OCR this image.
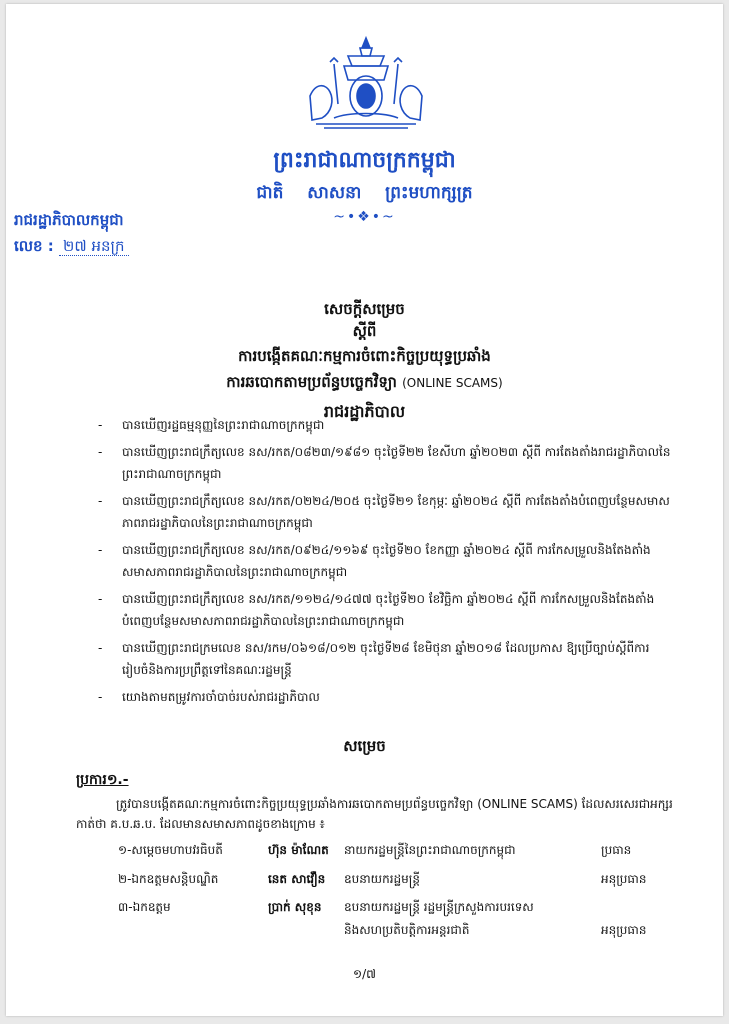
ព្រះរាជាណាចក្រកម្ពុជា
ជាតិ សាសនា ព្រះមហាក្សត្រ
~•❖•~
រាជរដ្ឋាភិបាលកម្ពុជា
លេខ : ២៧ អនក្រ
សេចក្តីសម្រេច
ស្តីពី
ការបង្កើតគណៈកម្មការចំពោះកិច្ចប្រយុទ្ធប្រឆាំង
ការឆបោកតាមប្រព័ន្ធបច្ចេកវិទ្យា (ONLINE SCAMS)
រាជរដ្ឋាភិបាល
- បានឃើញរដ្ឋធម្មនុញ្ញនៃព្រះរាជាណាចក្រកម្ពុជា
- បានឃើញព្រះរាជក្រឹត្យលេខ នស/រកត/០៨២៣/១៩៨១ ចុះថ្ងៃទី២២ ខែសីហា ឆ្នាំ២០២៣ ស្តីពី ការតែងតាំងរាជរដ្ឋាភិបាលនៃព្រះរាជាណាចក្រកម្ពុជា
- បានឃើញព្រះរាជក្រឹត្យលេខ នស/រកត/០២២៤/២០៥ ចុះថ្ងៃទី២១ ខែកុម្ភៈ ឆ្នាំ២០២៤ ស្តីពី ការតែងតាំងបំពេញបន្ថែមសមាសភាពរាជរដ្ឋាភិបាលនៃព្រះរាជាណាចក្រកម្ពុជា
- បានឃើញព្រះរាជក្រឹត្យលេខ នស/រកត/០៩២៤/១១៦៩ ចុះថ្ងៃទី២០ ខែកញ្ញា ឆ្នាំ២០២៤ ស្តីពី ការកែសម្រួលនិងតែងតាំងសមាសភាពរាជរដ្ឋាភិបាលនៃព្រះរាជាណាចក្រកម្ពុជា
- បានឃើញព្រះរាជក្រឹត្យលេខ នស/រកត/១១២៤/១៤៧៧ ចុះថ្ងៃទី២០ ខែវិច្ឆិកា ឆ្នាំ២០២៤ ស្តីពី ការកែសម្រួលនិងតែងតាំងបំពេញបន្ថែមសមាសភាពរាជរដ្ឋាភិបាលនៃព្រះរាជាណាចក្រកម្ពុជា
- បានឃើញព្រះរាជក្រមលេខ នស/រកម/០៦១៨/០១២ ចុះថ្ងៃទី២៨ ខែមិថុនា ឆ្នាំ២០១៨ ដែលប្រកាស ឱ្យប្រើច្បាប់ស្តីពីការរៀបចំនិងការប្រព្រឹត្តទៅនៃគណៈរដ្ឋមន្ត្រី
- យោងតាមតម្រូវការចាំបាច់របស់រាជរដ្ឋាភិបាល
សម្រេច
ប្រការ១.-
ត្រូវបានបង្កើតគណៈកម្មការចំពោះកិច្ចប្រយុទ្ធប្រឆាំងការឆបោកតាមប្រព័ន្ធបច្ចេកវិទ្យា (ONLINE SCAMS) ដែលសរសេរជាអក្សរកាត់ថា គ.ប.ឆ.ប. ដែលមានសមាសភាពដូចខាងក្រោម ៖
១-សម្តេចមហាបវរធិបតី	ហ៊ុន ម៉ាណែត នាយករដ្ឋមន្ត្រីនៃព្រះរាជាណាចក្រកម្ពុជា	ប្រធាន
២-ឯកឧត្តមសន្តិបណ្ឌិត	នេត សាវឿន ឧបនាយករដ្ឋមន្ត្រី	អនុប្រធាន
៣-ឯកឧត្តម	ប្រាក់ សុខុន ឧបនាយករដ្ឋមន្ត្រី រដ្ឋមន្ត្រីក្រសួងការបរទេស
និងសហប្រតិបត្តិការអន្តរជាតិ	អនុប្រធាន
១/៧
